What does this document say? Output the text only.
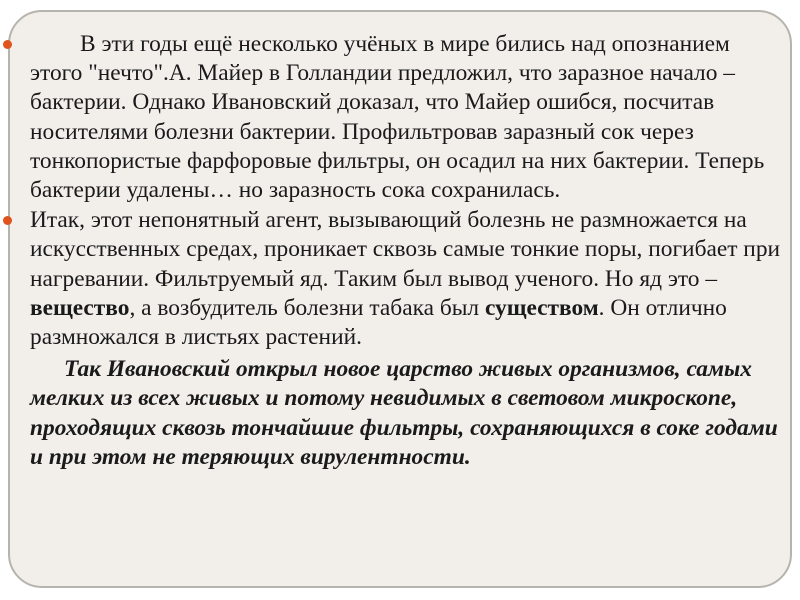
В эти годы ещё несколько учёных в мире бились над опознанием этого "нечто".А. Майер в Голландии предложил, что заразное начало – бактерии. Однако Ивановский доказал, что Майер ошибся, посчитав носителями болезни бактерии. Профильтровав заразный сок через тонкопористые фарфоровые фильтры, он осадил на них бактерии. Теперь бактерии удалены… но заразность сока сохранилась.

Итак, этот непонятный агент, вызывающий болезнь не размножается на искусственных средах, проникает сквозь самые тонкие поры, погибает при нагревании. Фильтруемый яд. Таким был вывод ученого. Но яд это – вещество, а возбудитель болезни табака был существом. Он отлично размножался в листьях растений.

Так Ивановский открыл новое царство живых организмов, самых мелких из всех живых и потому невидимых в световом микроскопе, проходящих сквозь тончайшие фильтры, сохраняющихся в соке годами и при этом не теряющих вирулентности.
